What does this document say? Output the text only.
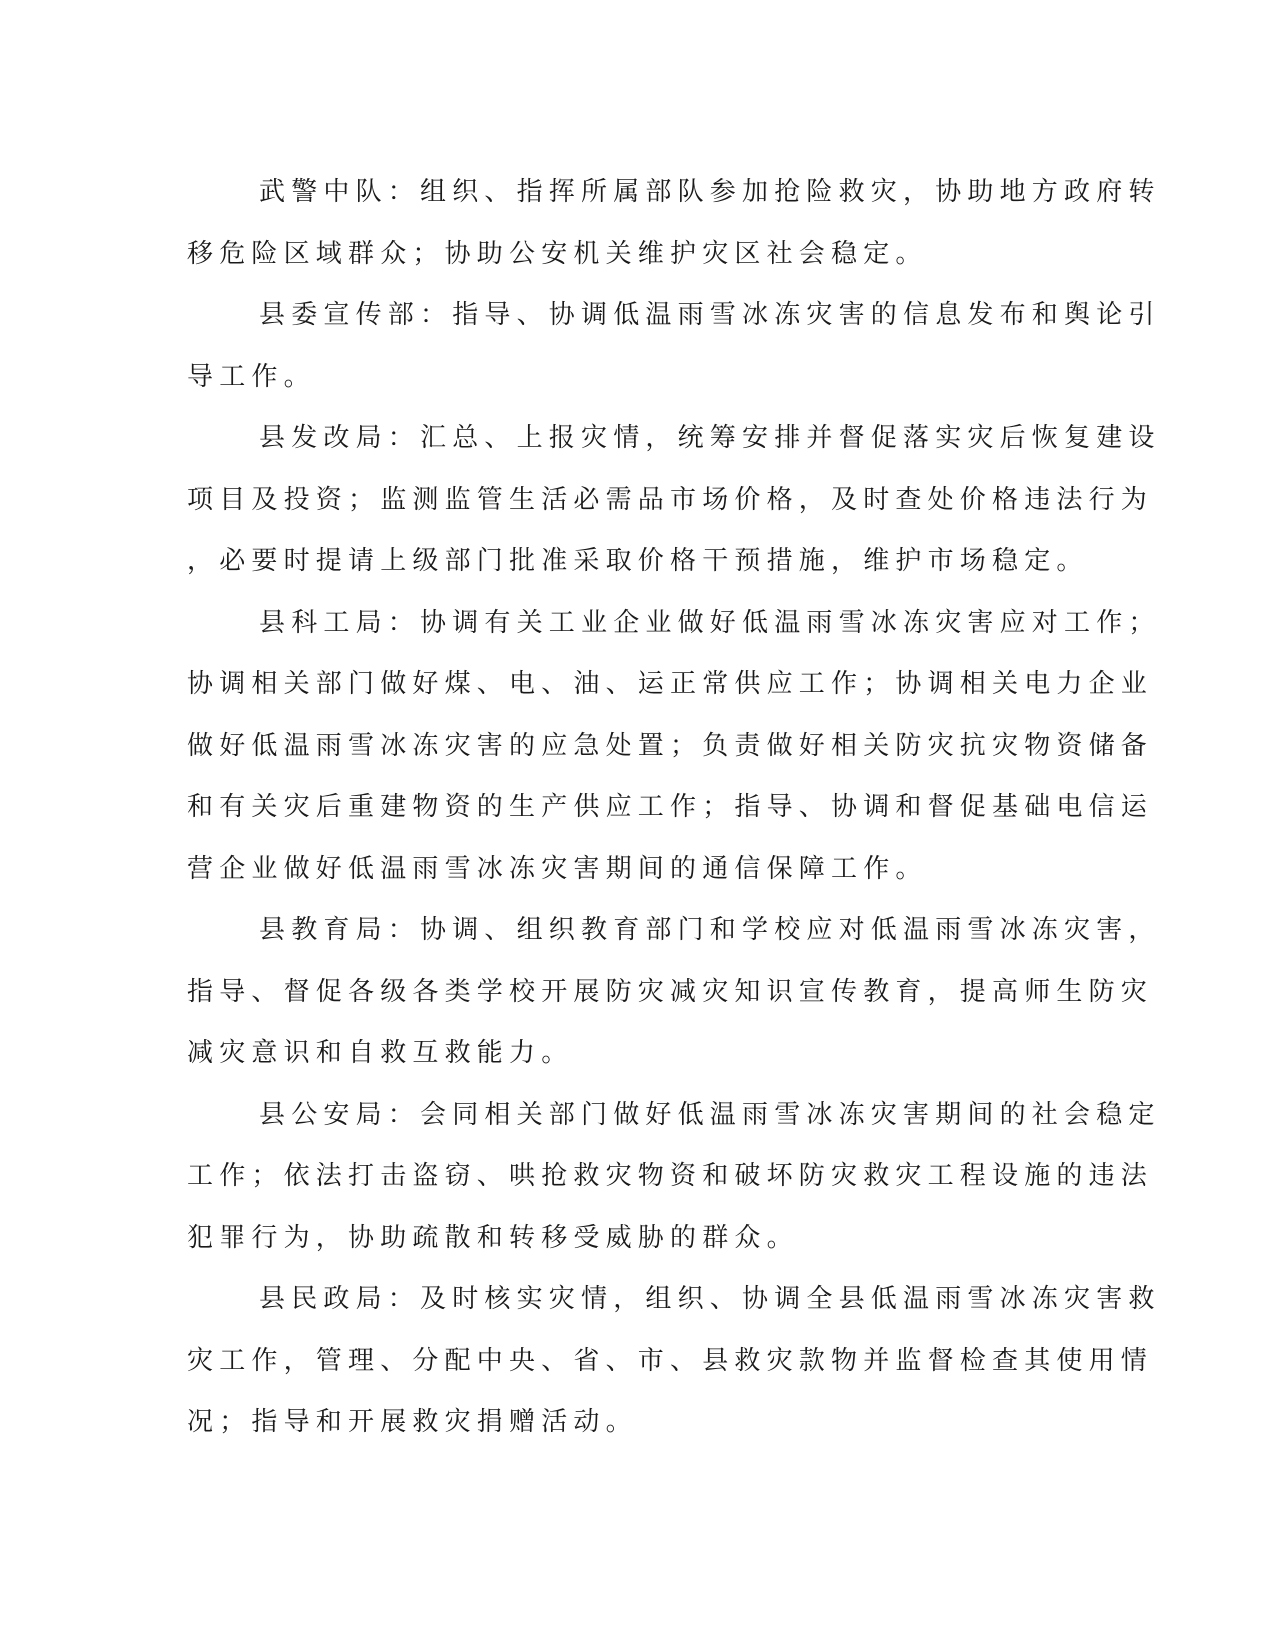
武警中队：组织、指挥所属部队参加抢险救灾，协助地方政府转
移危险区域群众；协助公安机关维护灾区社会稳定。
县委宣传部：指导、协调低温雨雪冰冻灾害的信息发布和舆论引
导工作。
县发改局：汇总、上报灾情，统筹安排并督促落实灾后恢复建设
项目及投资；监测监管生活必需品市场价格，及时查处价格违法行为
，必要时提请上级部门批准采取价格干预措施，维护市场稳定。
县科工局：协调有关工业企业做好低温雨雪冰冻灾害应对工作；
协调相关部门做好煤、电、油、运正常供应工作；协调相关电力企业
做好低温雨雪冰冻灾害的应急处置；负责做好相关防灾抗灾物资储备
和有关灾后重建物资的生产供应工作；指导、协调和督促基础电信运
营企业做好低温雨雪冰冻灾害期间的通信保障工作。
县教育局：协调、组织教育部门和学校应对低温雨雪冰冻灾害，
指导、督促各级各类学校开展防灾减灾知识宣传教育，提高师生防灾
减灾意识和自救互救能力。
县公安局：会同相关部门做好低温雨雪冰冻灾害期间的社会稳定
工作；依法打击盗窃、哄抢救灾物资和破坏防灾救灾工程设施的违法
犯罪行为，协助疏散和转移受威胁的群众。
县民政局：及时核实灾情，组织、协调全县低温雨雪冰冻灾害救
灾工作，管理、分配中央、省、市、县救灾款物并监督检查其使用情
况；指导和开展救灾捐赠活动。
